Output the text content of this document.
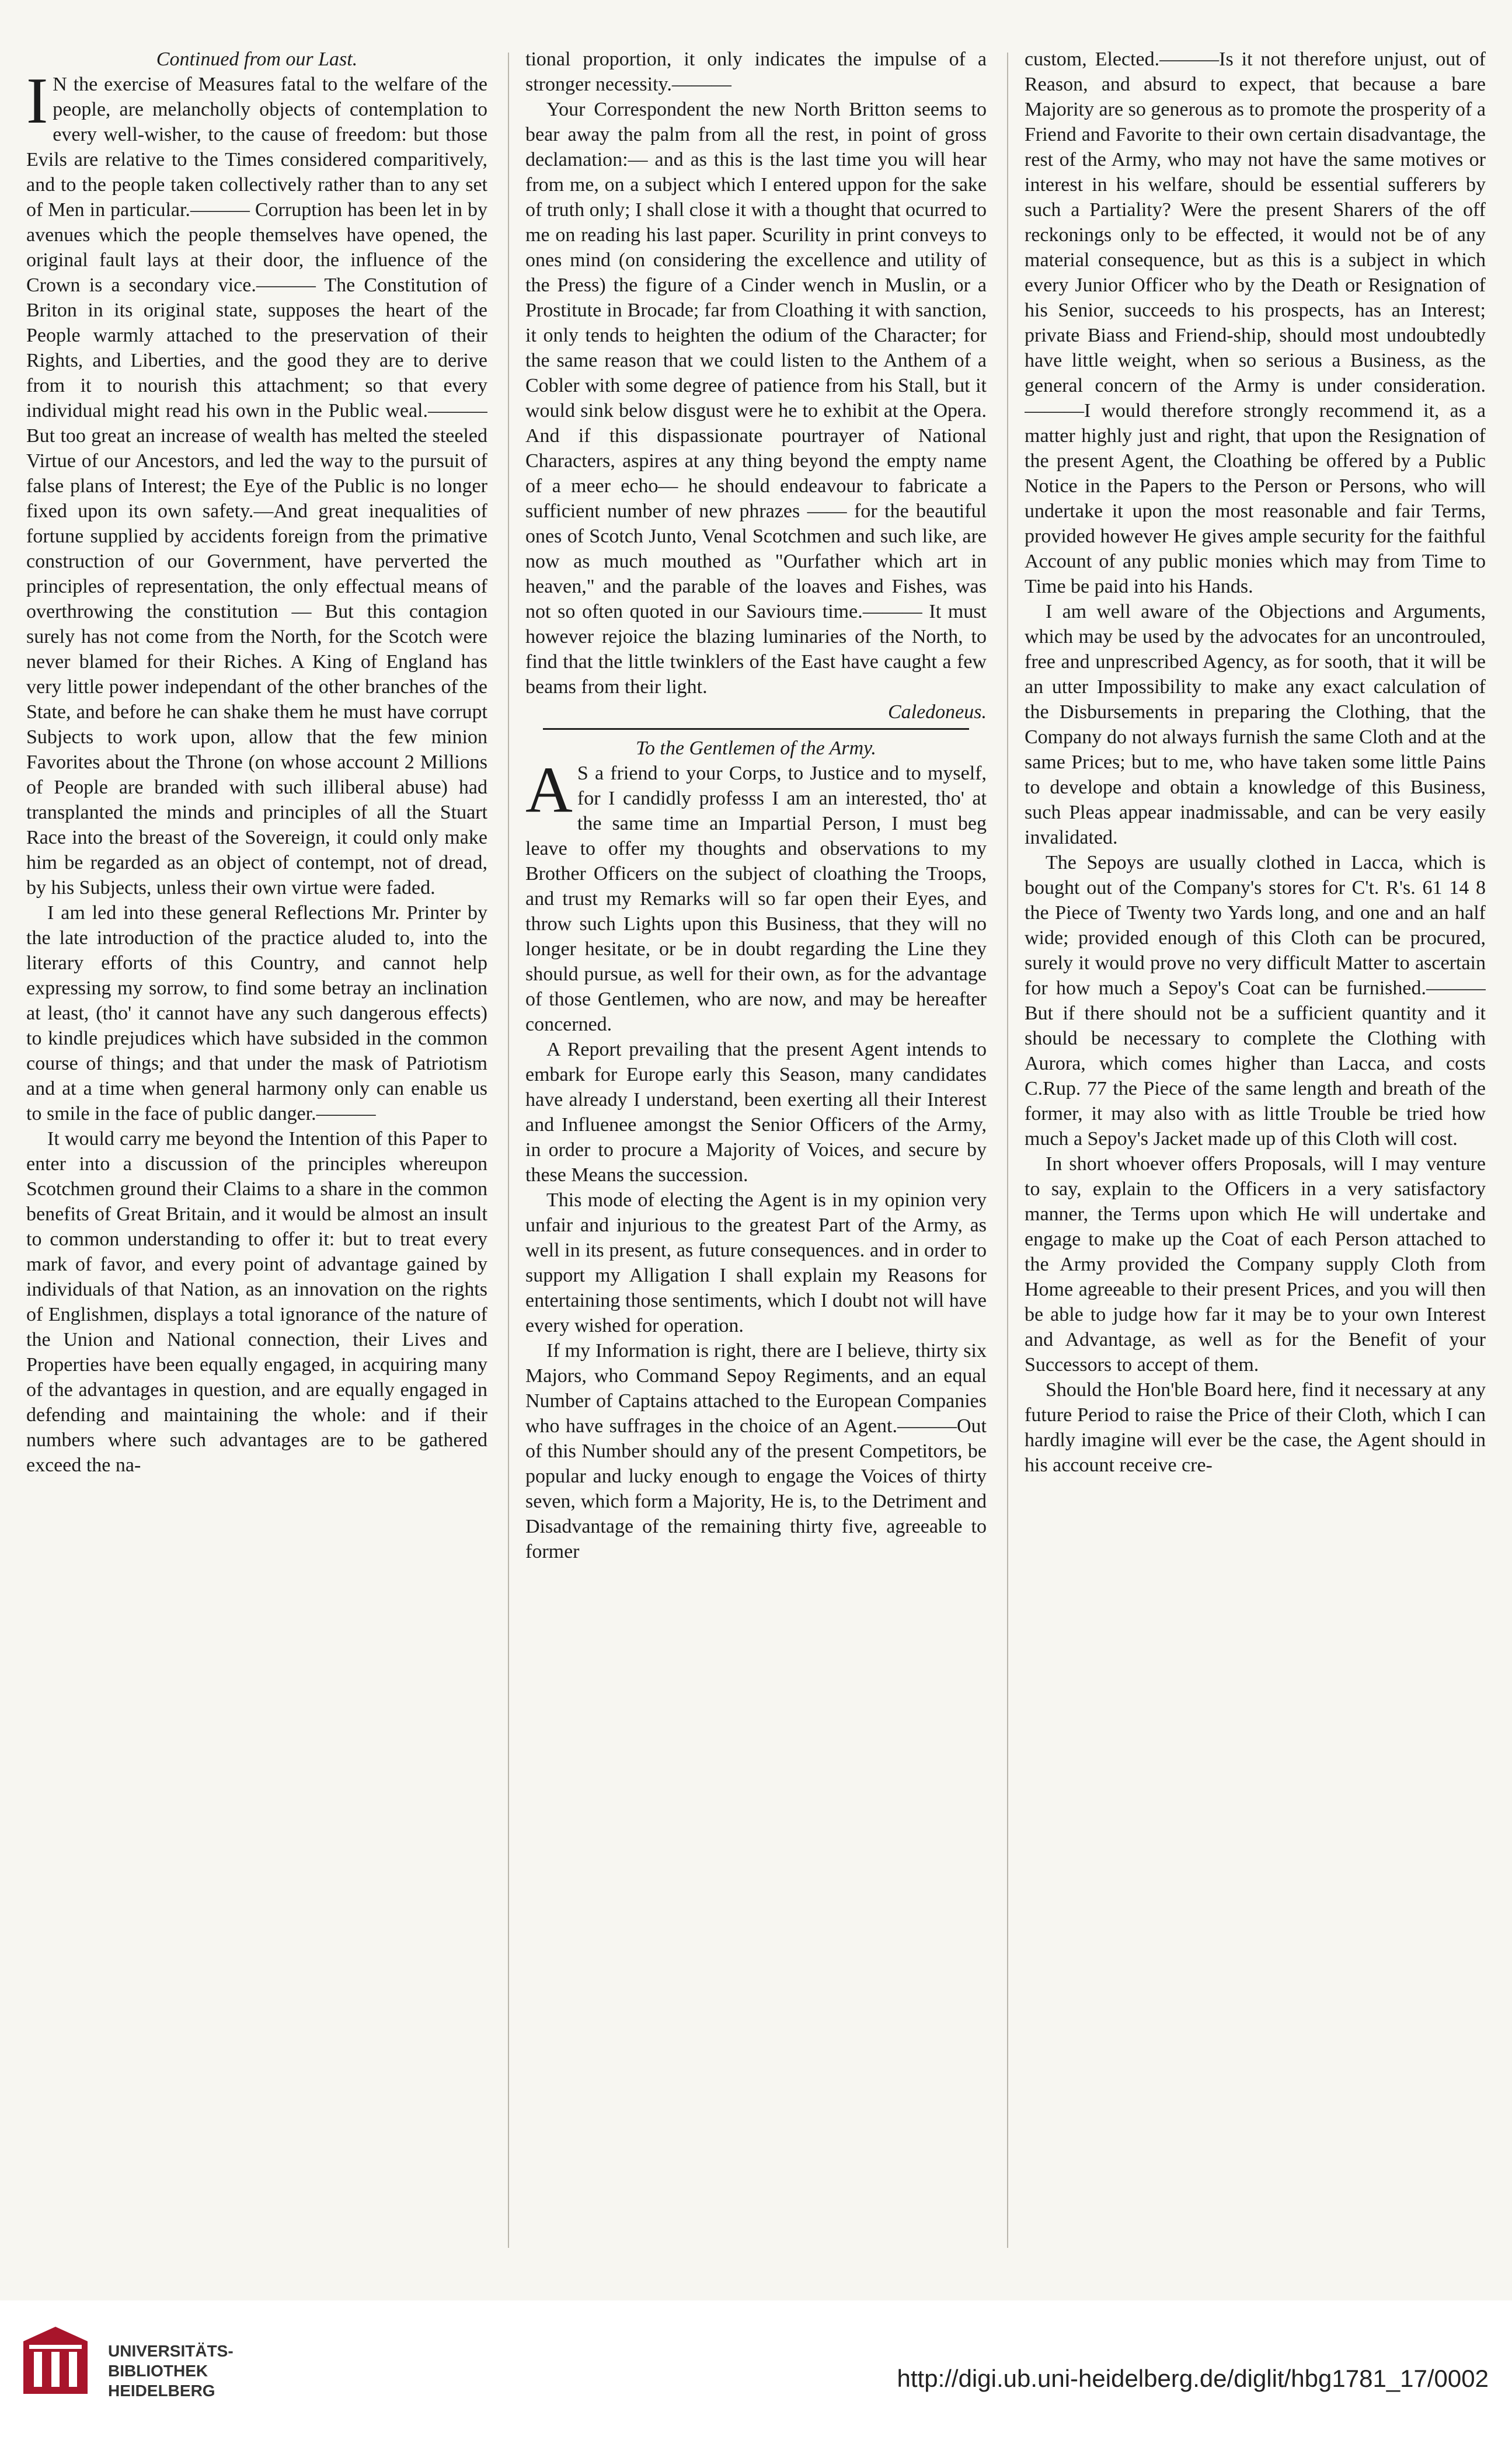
Continued from our Last.

I N the exercise of Measures fatal to the welfare of the people, are melancholly objects of contemplation to every well-wisher, to the cause of freedom: but those Evils are relative to the Times considered comparitively, and to the people taken collectively rather than to any set of Men in particular.——— Corruption has been let in by avenues which the people themselves have opened, the original fault lays at their door, the influence of the Crown is a secondary vice.——— The Constitution of Briton in its original state, supposes the heart of the People warmly attached to the preservation of their Rights, and Liberties, and the good they are to derive from it to nourish this attachment; so that every individual might read his own in the Public weal.——— But too great an increase of wealth has melted the steeled Virtue of our Ancestors, and led the way to the pursuit of false plans of Interest; the Eye of the Public is no longer fixed upon its own safety.—And great inequalities of fortune supplied by accidents foreign from the primative construction of our Government, have perverted the principles of representation, the only effectual means of overthrowing the constitution — But this contagion surely has not come from the North, for the Scotch were never blamed for their Riches. A King of England has very little power independant of the other branches of the State, and before he can shake them he must have corrupt Subjects to work upon, allow that the few minion Favorites about the Throne (on whose account 2 Millions of People are branded with such illiberal abuse) had transplanted the minds and principles of all the Stuart Race into the breast of the Sovereign, it could only make him be regarded as an object of contempt, not of dread, by his Subjects, unless their own virtue were faded.

I am led into these general Reflections Mr. Printer by the late introduction of the practice aluded to, into the literary efforts of this Country, and cannot help expressing my sorrow, to find some betray an inclination at least, (tho' it cannot have any such dangerous effects) to kindle prejudices which have subsided in the common course of things; and that under the mask of Patriotism and at a time when general harmony only can enable us to smile in the face of public danger.———

It would carry me beyond the Intention of this Paper to enter into a discussion of the principles whereupon Scotchmen ground their Claims to a share in the common benefits of Great Britain, and it would be almost an insult to common understanding to offer it: but to treat every mark of favor, and every point of advantage gained by individuals of that Nation, as an innovation on the rights of Englishmen, displays a total ignorance of the nature of the Union and National connection, their Lives and Properties have been equally engaged, in acquiring many of the advantages in question, and are equally engaged in defending and maintaining the whole: and if their numbers where such advantages are to be gathered exceed the na-

tional proportion, it only indicates the impulse of a stronger necessity.———

Your Correspondent the new North Britton seems to bear away the palm from all the rest, in point of gross declamation:— and as this is the last time you will hear from me, on a subject which I entered uppon for the sake of truth only; I shall close it with a thought that ocurred to me on reading his last paper. Scurility in print conveys to ones mind (on considering the excellence and utility of the Press) the figure of a Cinder wench in Muslin, or a Prostitute in Brocade; far from Cloathing it with sanction, it only tends to heighten the odium of the Character; for the same reason that we could listen to the Anthem of a Cobler with some degree of patience from his Stall, but it would sink below disgust were he to exhibit at the Opera. And if this dispassionate pourtrayer of National Characters, aspires at any thing beyond the empty name of a meer echo— he should endeavour to fabricate a sufficient number of new phrazes —— for the beautiful ones of Scotch Junto, Venal Scotchmen and such like, are now as much mouthed as "Ourfather which art in heaven," and the parable of the loaves and Fishes, was not so often quoted in our Saviours time.——— It must however rejoice the blazing luminaries of the North, to find that the little twinklers of the East have caught a few beams from their light.

Caledoneus.

To the Gentlemen of the Army.

A S a friend to your Corps, to Justice and to myself, for I candidly professs I am an interested, tho' at the same time an Impartial Person, I must beg leave to offer my thoughts and observations to my Brother Officers on the subject of cloathing the Troops, and trust my Remarks will so far open their Eyes, and throw such Lights upon this Business, that they will no longer hesitate, or be in doubt regarding the Line they should pursue, as well for their own, as for the advantage of those Gentlemen, who are now, and may be hereafter concerned.

A Report prevailing that the present Agent intends to embark for Europe early this Season, many candidates have already I understand, been exerting all their Interest and Influenee amongst the Senior Officers of the Army, in order to procure a Majority of Voices, and secure by these Means the succession.

This mode of electing the Agent is in my opinion very unfair and injurious to the greatest Part of the Army, as well in its present, as future consequences. and in order to support my Alligation I shall explain my Reasons for entertaining those sentiments, which I doubt not will have every wished for operation.

If my Information is right, there are I believe, thirty six Majors, who Command Sepoy Regiments, and an equal Number of Captains attached to the European Companies who have suffrages in the choice of an Agent.———Out of this Number should any of the present Competitors, be popular and lucky enough to engage the Voices of thirty seven, which form a Majority, He is, to the Detriment and Disadvantage of the remaining thirty five, agreeable to former

custom, Elected.———Is it not therefore unjust, out of Reason, and absurd to expect, that because a bare Majority are so generous as to promote the prosperity of a Friend and Favorite to their own certain disadvantage, the rest of the Army, who may not have the same motives or interest in his welfare, should be essential sufferers by such a Partiality? Were the present Sharers of the off reckonings only to be effected, it would not be of any material consequence, but as this is a subject in which every Junior Officer who by the Death or Resignation of his Senior, succeeds to his prospects, has an Interest; private Biass and Friend-ship, should most undoubtedly have little weight, when so serious a Business, as the general concern of the Army is under consideration.———I would therefore strongly recommend it, as a matter highly just and right, that upon the Resignation of the present Agent, the Cloathing be offered by a Public Notice in the Papers to the Person or Persons, who will undertake it upon the most reasonable and fair Terms, provided however He gives ample security for the faithful Account of any public monies which may from Time to Time be paid into his Hands.

I am well aware of the Objections and Arguments, which may be used by the advocates for an uncontrouled, free and unprescribed Agency, as for sooth, that it will be an utter Impossibility to make any exact calculation of the Disbursements in preparing the Clothing, that the Company do not always furnish the same Cloth and at the same Prices; but to me, who have taken some little Pains to develope and obtain a knowledge of this Business, such Pleas appear inadmissable, and can be very easily invalidated.

The Sepoys are usually clothed in Lacca, which is bought out of the Company's stores for C't. R's. 61 14 8 the Piece of Twenty two Yards long, and one and an half wide; provided enough of this Cloth can be procured, surely it would prove no very difficult Matter to ascertain for how much a Sepoy's Coat can be furnished.———But if there should not be a sufficient quantity and it should be necessary to complete the Clothing with Aurora, which comes higher than Lacca, and costs C.Rup. 77 the Piece of the same length and breath of the former, it may also with as little Trouble be tried how much a Sepoy's Jacket made up of this Cloth will cost.

In short whoever offers Proposals, will I may venture to say, explain to the Officers in a very satisfactory manner, the Terms upon which He will undertake and engage to make up the Coat of each Person attached to the Army provided the Company supply Cloth from Home agreeable to their present Prices, and you will then be able to judge how far it may be to your own Interest and Advantage, as well as for the Benefit of your Successors to accept of them.

Should the Hon'ble Board here, find it necessary at any future Period to raise the Price of their Cloth, which I can hardly imagine will ever be the case, the Agent should in his account receive cre-

UNIVERSITÄTS-
BIBLIOTHEK
HEIDELBERG	http://digi.ub.uni-heidelberg.de/diglit/hbg1781_17/0002
